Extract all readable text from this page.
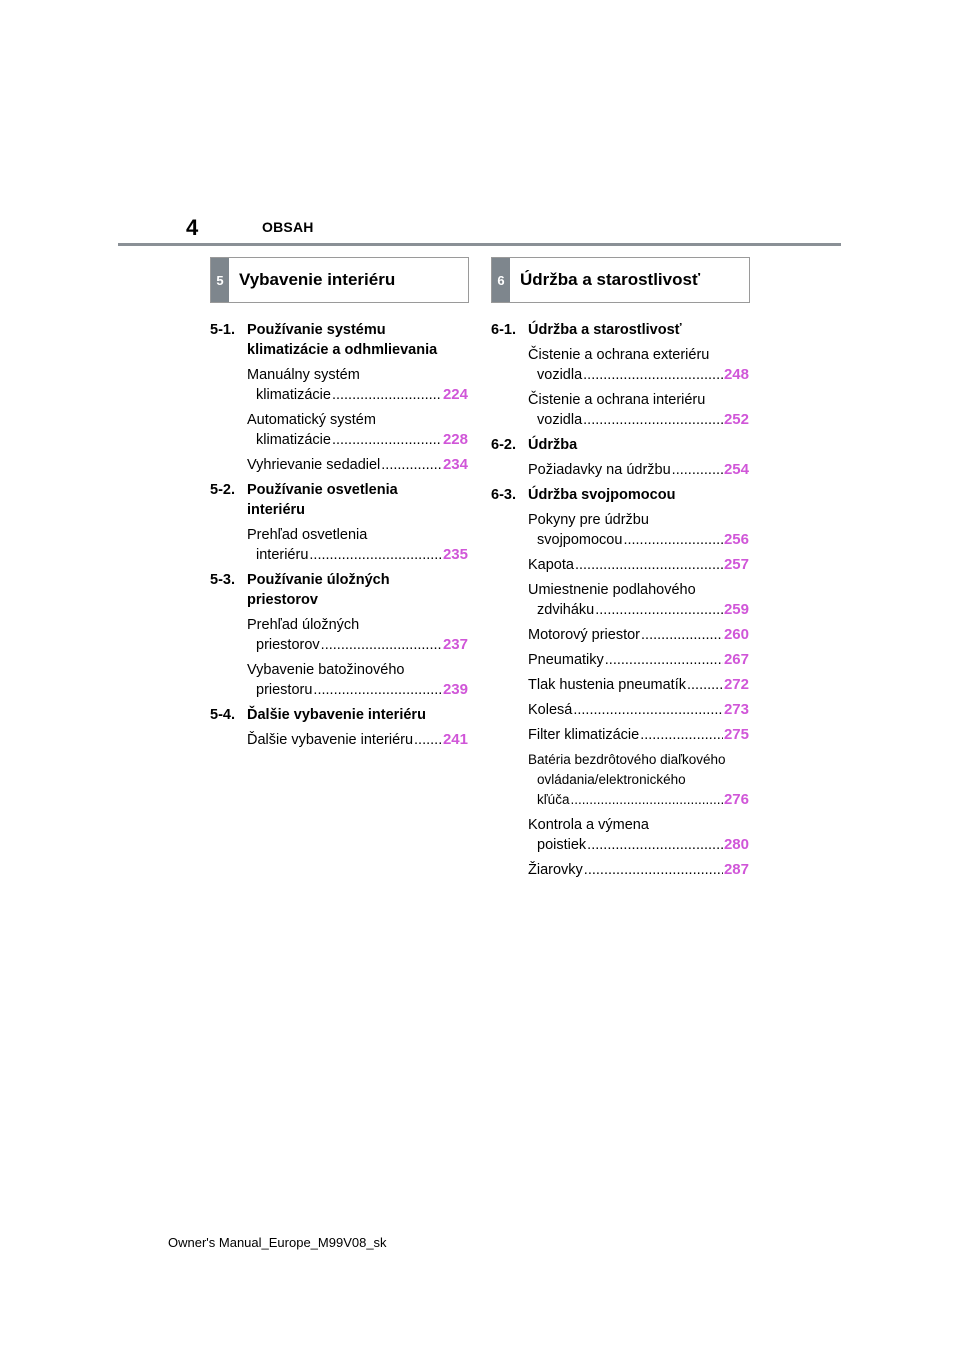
4	OBSAH
5 Vybavenie interiéru	6 Údržba a starostlivosť
5-1. Používanie systému
klimatizácie a odhmlievania
Manuálny systém
klimatizácie .....	224
Automatický systém
klimatizácie .....	228
Vyhrievanie sedadiel .....	234
5-2. Používanie osvetlenia
interiéru
Prehľad osvetlenia
interiéru .....	235
5-3. Používanie úložných
priestorov
Prehľad úložných
priestorov .....	237
Vybavenie batožinového
priestoru .....	239
5-4. Ďalšie vybavenie interiéru
Ďalšie vybavenie interiéru ..... 241
6-1. Údržba a starostlivosť
Čistenie a ochrana exteriéru
vozidla .....	248
Čistenie a ochrana interiéru
vozidla .....	252
6-2. Údržba
Požiadavky na údržbu .....	254
6-3. Údržba svojpomocou
Pokyny pre údržbu
svojpomocou .....	256
Kapota .....	257
Umiestnenie podlahového
zdviháku .....	259
Motorový priestor .....	260
Pneumatiky .....	267
Tlak hustenia pneumatík .....	272
Kolesá .....	273
Filter klimatizácie .....	275
Batéria bezdrôtového diaľkového
ovládania/elektronického
kľúča .....	276
Kontrola a výmena
poistiek .....	280
Žiarovky .....	287
Owner's Manual_Europe_M99V08_sk
